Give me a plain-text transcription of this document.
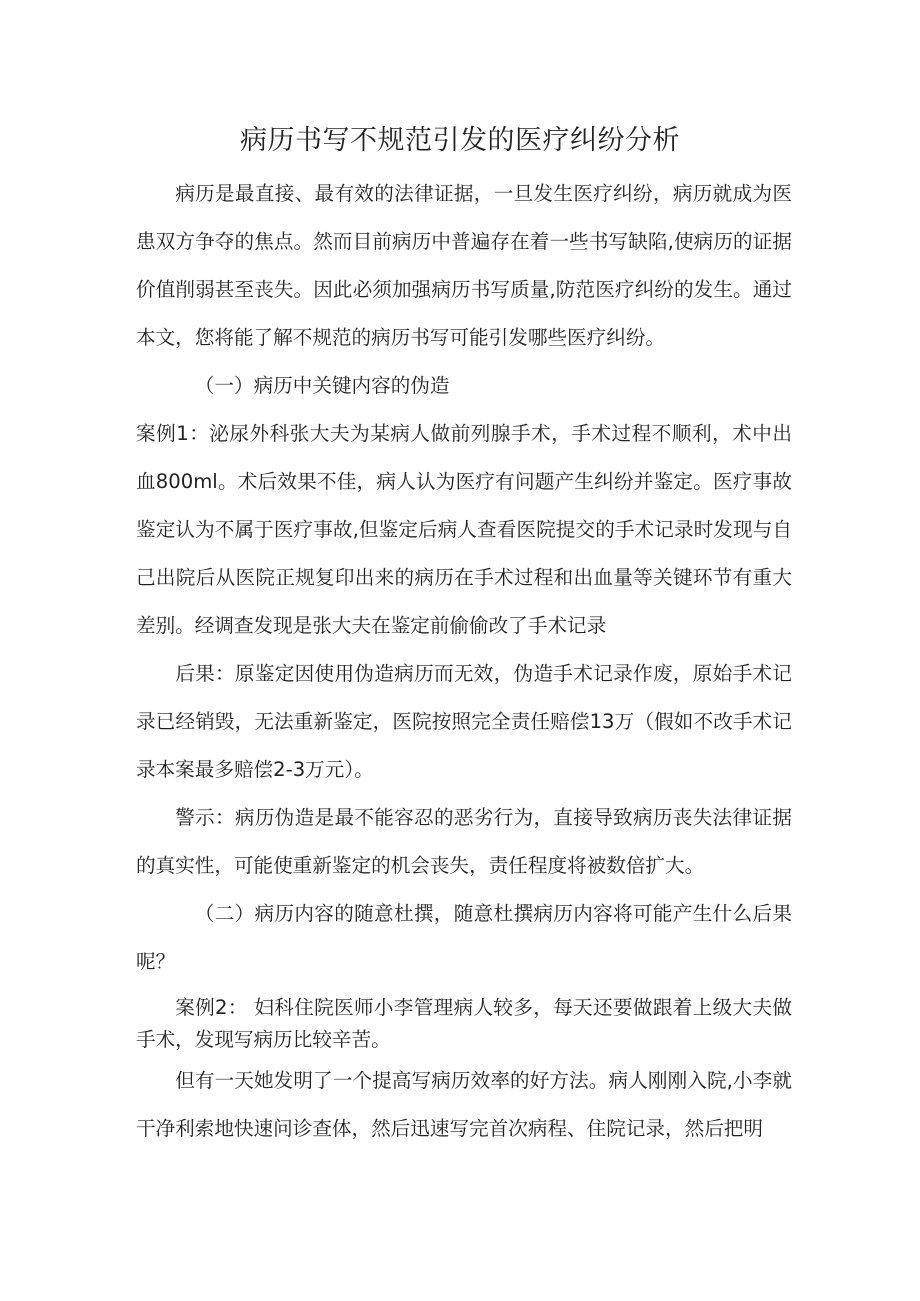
病历书写不规范引发的医疗纠纷分析

病历是最直接、最有效的法律证据，一旦发生医疗纠纷，病历就成为医患双方争夺的焦点。然而目前病历中普遍存在着一些书写缺陷,使病历的证据价值削弱甚至丧失。因此必须加强病历书写质量,防范医疗纠纷的发生。通过本文，您将能了解不规范的病历书写可能引发哪些医疗纠纷。

（一）病历中关键内容的伪造

案例1：泌尿外科张大夫为某病人做前列腺手术，手术过程不顺利，术中出血800ml。术后效果不佳，病人认为医疗有问题产生纠纷并鉴定。医疗事故鉴定认为不属于医疗事故,但鉴定后病人查看医院提交的手术记录时发现与自己出院后从医院正规复印出来的病历在手术过程和出血量等关键环节有重大差别。经调查发现是张大夫在鉴定前偷偷改了手术记录

后果：原鉴定因使用伪造病历而无效，伪造手术记录作废，原始手术记录已经销毁，无法重新鉴定，医院按照完全责任赔偿13万（假如不改手术记录本案最多赔偿2-3万元）。

警示：病历伪造是最不能容忍的恶劣行为，直接导致病历丧失法律证据的真实性，可能使重新鉴定的机会丧失，责任程度将被数倍扩大。

（二）病历内容的随意杜撰，随意杜撰病历内容将可能产生什么后果呢？

案例2： 妇科住院医师小李管理病人较多，每天还要做跟着上级大夫做手术，发现写病历比较辛苦。

但有一天她发明了一个提高写病历效率的好方法。病人刚刚入院,小李就干净利索地快速问诊查体，然后迅速写完首次病程、住院记录，然后把明
